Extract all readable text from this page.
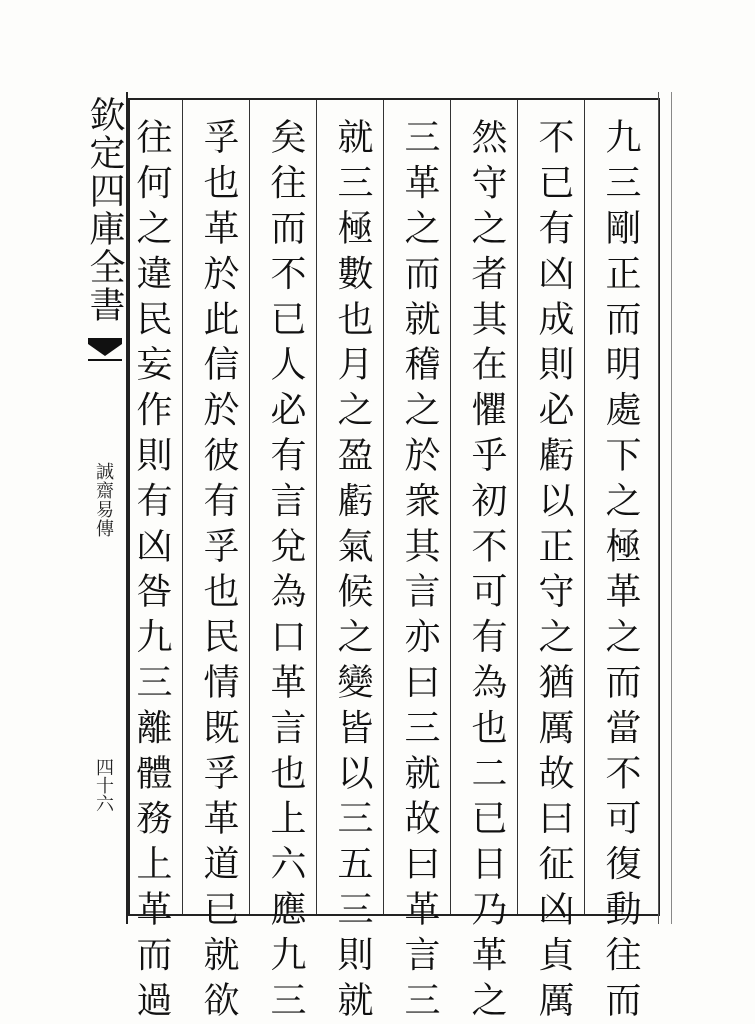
欽定四庫全書
誠齋易傳
四十六	九三剛正而明處下之極革之而當不可復動往而
不已有凶成則必虧以正守之猶厲故曰征凶貞厲
然守之者其在懼乎初不可有為也二已日乃革之
三革之而就稽之於衆其言亦曰三就故曰革言三
就三極數也月之盈虧氣候之變皆以三五三則就
矣往而不已人必有言兌為口革言也上六應九三
孚也革於此信於彼有孚也民情既孚革道已就欲
往何之違民妄作則有凶咎九三離體務上革而過
